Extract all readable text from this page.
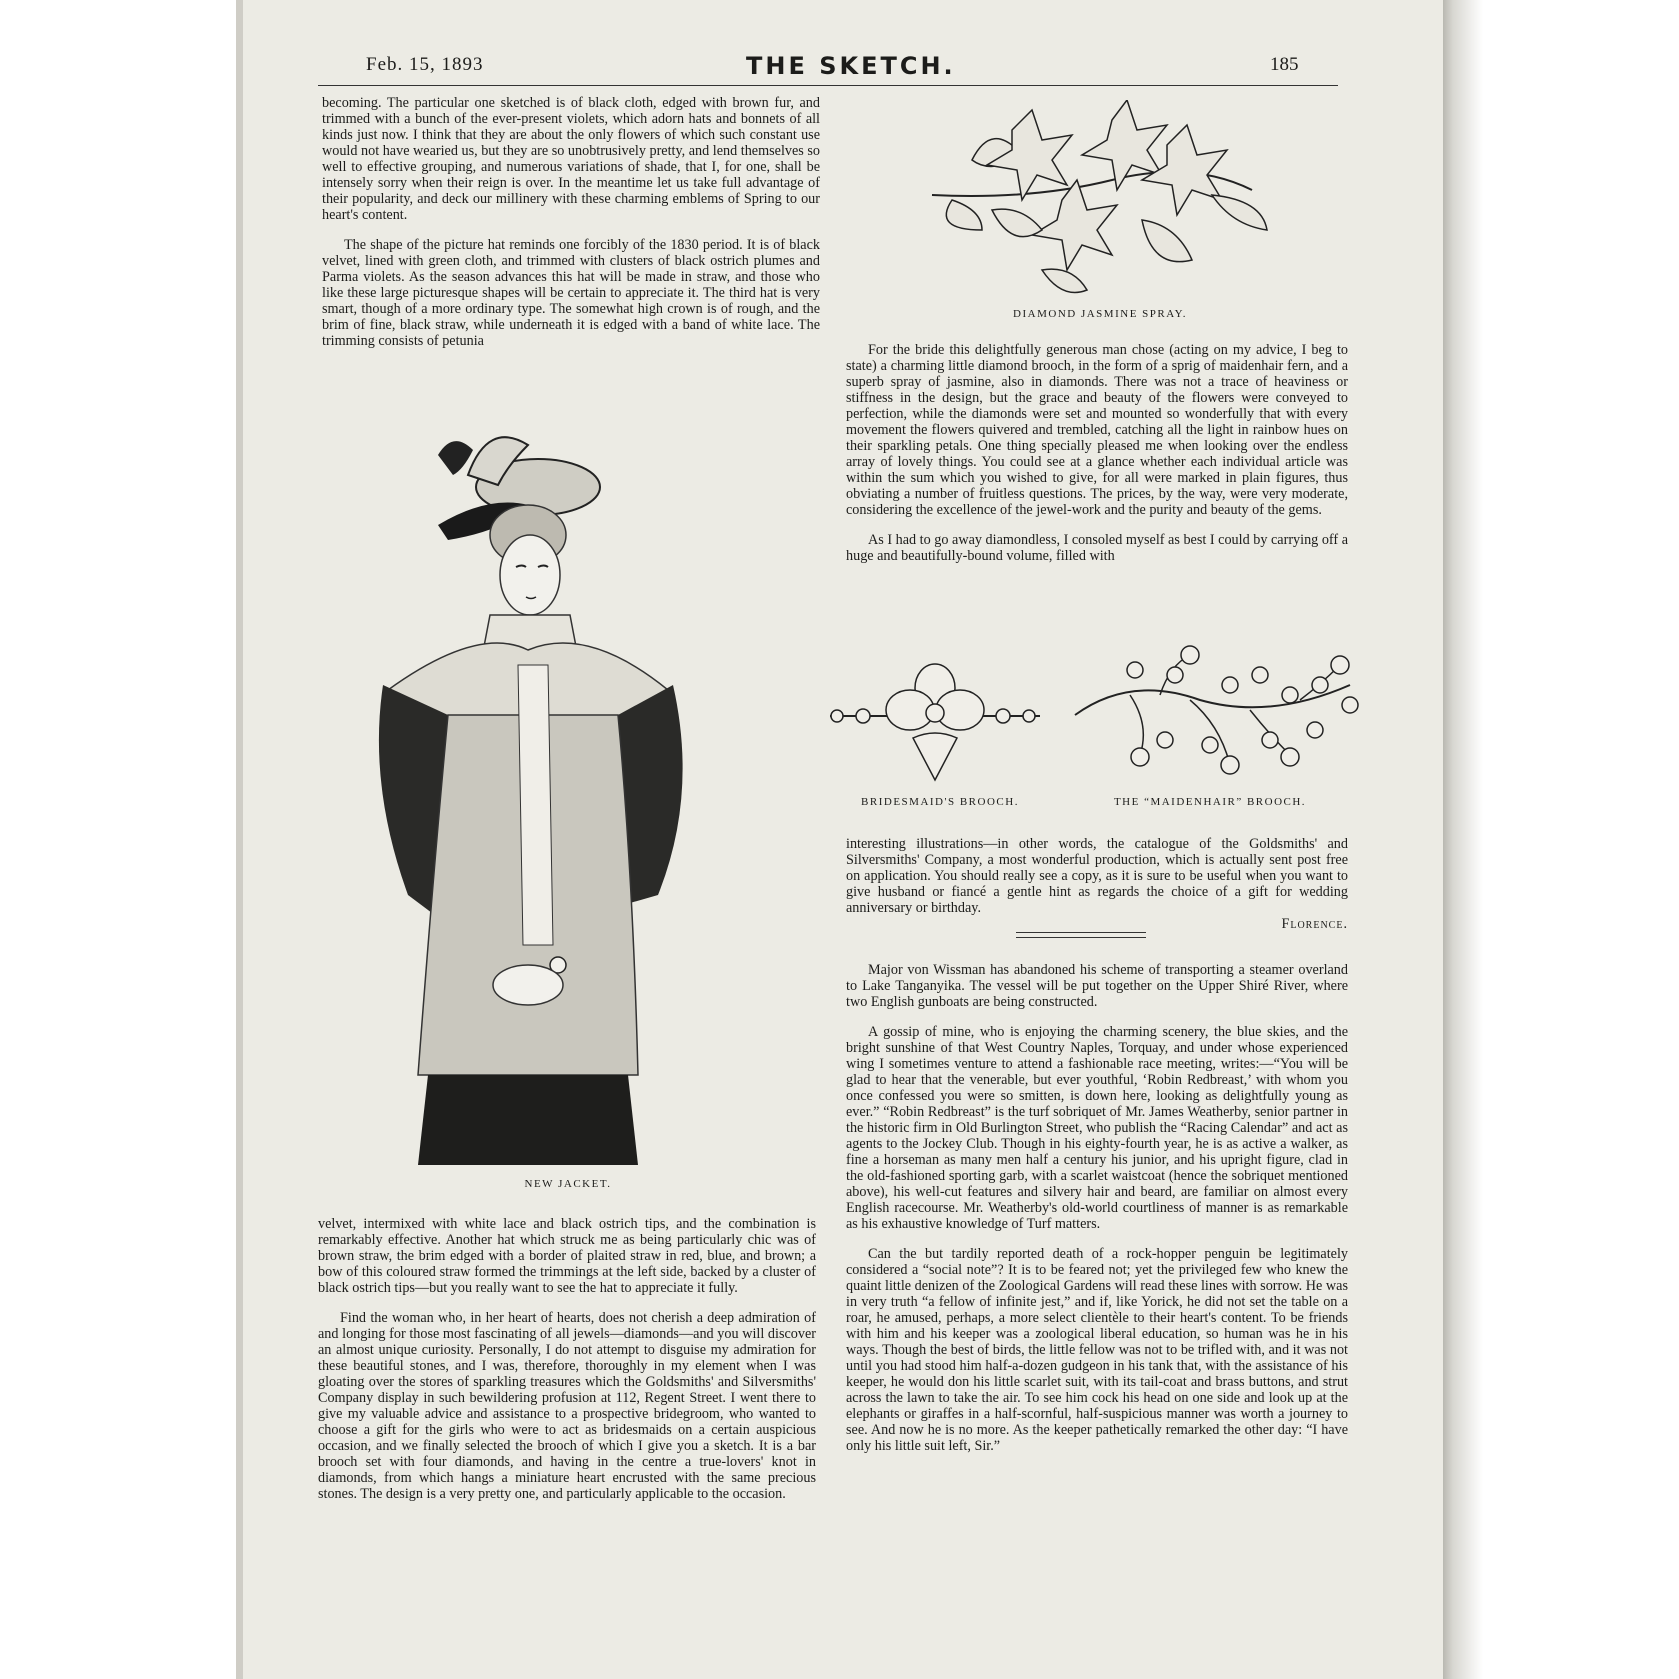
Feb. 15, 1893	THE SKETCH.	185

becoming. The particular one sketched is of black cloth, edged with brown fur, and trimmed with a bunch of the ever-present violets, which adorn hats and bonnets of all kinds just now. I think that they are about the only flowers of which such constant use would not have wearied us, but they are so unobtrusively pretty, and lend themselves so well to effective grouping, and numerous variations of shade, that I, for one, shall be intensely sorry when their reign is over. In the meantime let us take full advantage of their popularity, and deck our millinery with these charming emblems of Spring to our heart's content.

The shape of the picture hat reminds one forcibly of the 1830 period. It is of black velvet, lined with green cloth, and trimmed with clusters of black ostrich plumes and Parma violets. As the season advances this hat will be made in straw, and those who like these large picturesque shapes will be certain to appreciate it. The third hat is very smart, though of a more ordinary type. The somewhat high crown is of rough, and the brim of fine, black straw, while underneath it is edged with a band of white lace. The trimming consists of petunia

NEW JACKET.

velvet, intermixed with white lace and black ostrich tips, and the combination is remarkably effective. Another hat which struck me as being particularly chic was of brown straw, the brim edged with a border of plaited straw in red, blue, and brown; a bow of this coloured straw formed the trimmings at the left side, backed by a cluster of black ostrich tips—but you really want to see the hat to appreciate it fully.

Find the woman who, in her heart of hearts, does not cherish a deep admiration of and longing for those most fascinating of all jewels—diamonds—and you will discover an almost unique curiosity. Personally, I do not attempt to disguise my admiration for these beautiful stones, and I was, therefore, thoroughly in my element when I was gloating over the stores of sparkling treasures which the Goldsmiths' and Silversmiths' Company display in such bewildering profusion at 112, Regent Street. I went there to give my valuable advice and assistance to a prospective bridegroom, who wanted to choose a gift for the girls who were to act as bridesmaids on a certain auspicious occasion, and we finally selected the brooch of which I give you a sketch. It is a bar brooch set with four diamonds, and having in the centre a true-lovers' knot in diamonds, from which hangs a miniature heart encrusted with the same precious stones. The design is a very pretty one, and particularly applicable to the occasion.

DIAMOND JASMINE SPRAY.

For the bride this delightfully generous man chose (acting on my advice, I beg to state) a charming little diamond brooch, in the form of a sprig of maidenhair fern, and a superb spray of jasmine, also in diamonds. There was not a trace of heaviness or stiffness in the design, but the grace and beauty of the flowers were conveyed to perfection, while the diamonds were set and mounted so wonderfully that with every movement the flowers quivered and trembled, catching all the light in rainbow hues on their sparkling petals. One thing specially pleased me when looking over the endless array of lovely things. You could see at a glance whether each individual article was within the sum which you wished to give, for all were marked in plain figures, thus obviating a number of fruitless questions. The prices, by the way, were very moderate, considering the excellence of the jewel-work and the purity and beauty of the gems.

As I had to go away diamondless, I consoled myself as best I could by carrying off a huge and beautifully-bound volume, filled with

BRIDESMAID'S BROOCH.	THE “MAIDENHAIR” BROOCH.

interesting illustrations—in other words, the catalogue of the Goldsmiths' and Silversmiths' Company, a most wonderful production, which is actually sent post free on application. You should really see a copy, as it is sure to be useful when you want to give husband or fiancé a gentle hint as regards the choice of a gift for wedding anniversary or birthday.

Florence.

Major von Wissman has abandoned his scheme of transporting a steamer overland to Lake Tanganyika. The vessel will be put together on the Upper Shiré River, where two English gunboats are being constructed.

A gossip of mine, who is enjoying the charming scenery, the blue skies, and the bright sunshine of that West Country Naples, Torquay, and under whose experienced wing I sometimes venture to attend a fashionable race meeting, writes:—“You will be glad to hear that the venerable, but ever youthful, ‘Robin Redbreast,’ with whom you once confessed you were so smitten, is down here, looking as delightfully young as ever.” “Robin Redbreast” is the turf sobriquet of Mr. James Weatherby, senior partner in the historic firm in Old Burlington Street, who publish the “Racing Calendar” and act as agents to the Jockey Club. Though in his eighty-fourth year, he is as active a walker, as fine a horseman as many men half a century his junior, and his upright figure, clad in the old-fashioned sporting garb, with a scarlet waistcoat (hence the sobriquet mentioned above), his well-cut features and silvery hair and beard, are familiar on almost every English racecourse. Mr. Weatherby's old-world courtliness of manner is as remarkable as his exhaustive knowledge of Turf matters.

Can the but tardily reported death of a rock-hopper penguin be legitimately considered a “social note”? It is to be feared not; yet the privileged few who knew the quaint little denizen of the Zoological Gardens will read these lines with sorrow. He was in very truth “a fellow of infinite jest,” and if, like Yorick, he did not set the table on a roar, he amused, perhaps, a more select clientèle to their heart's content. To be friends with him and his keeper was a zoological liberal education, so human was he in his ways. Though the best of birds, the little fellow was not to be trifled with, and it was not until you had stood him half-a-dozen gudgeon in his tank that, with the assistance of his keeper, he would don his little scarlet suit, with its tail-coat and brass buttons, and strut across the lawn to take the air. To see him cock his head on one side and look up at the elephants or giraffes in a half-scornful, half-suspicious manner was worth a journey to see. And now he is no more. As the keeper pathetically remarked the other day: “I have only his little suit left, Sir.”
